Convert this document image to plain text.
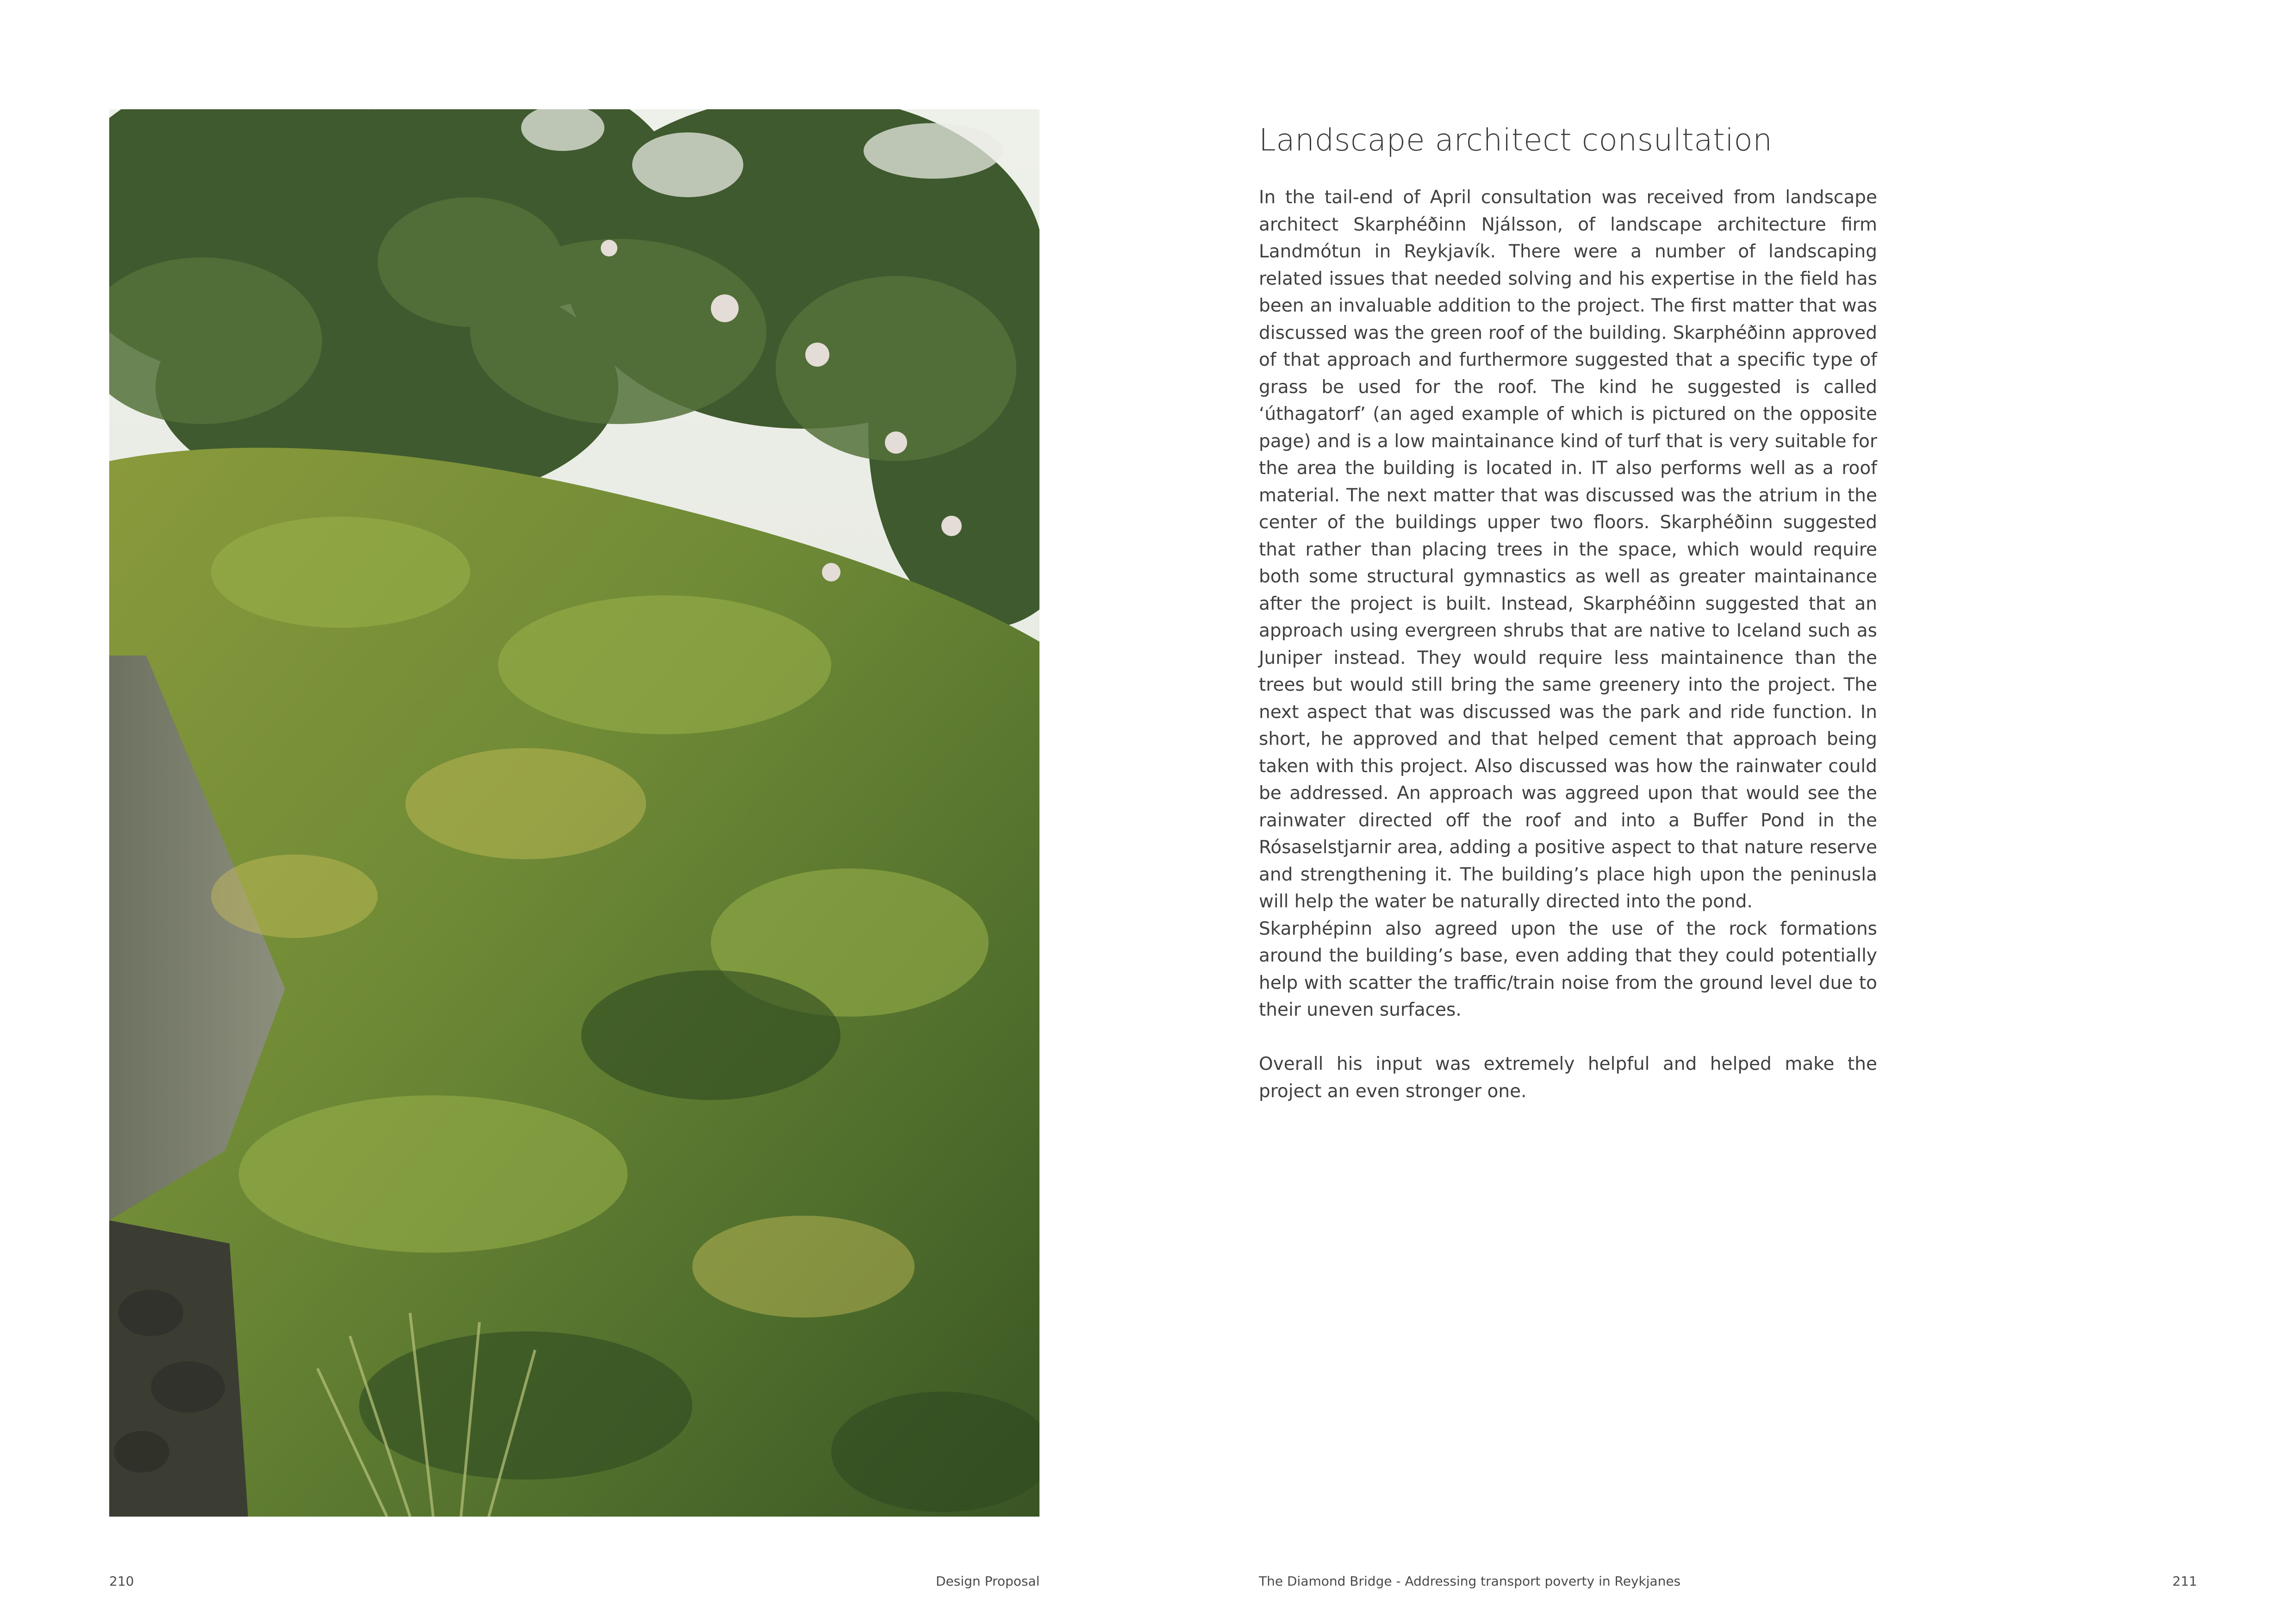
Landscape architect consultation

In the tail-end of April consultation was received from landscape architect Skarphéðinn Njálsson, of landscape architecture firm Landmótun in Reykjavík. There were a number of landscaping related issues that needed solving and his expertise in the field has been an invaluable addition to the project. The first matter that was discussed was the green roof of the building. Skarphéðinn approved of that approach and furthermore suggested that a specific type of grass be used for the roof. The kind he suggested is called ‘úthagatorf’ (an aged example of which is pictured on the opposite page) and is a low maintainance kind of turf that is very suitable for the area the building is located in. IT also performs well as a roof material. The next matter that was discussed was the atrium in the center of the buildings upper two floors. Skarphéðinn suggested that rather than placing trees in the space, which would require both some structural gymnastics as well as greater maintainance after the project is built. Instead, Skarphéðinn suggested that an approach using evergreen shrubs that are native to Iceland such as Juniper instead. They would require less maintainence than the trees but would still bring the same greenery into the project. The next aspect that was discussed was the park and ride function. In short, he approved and that helped cement that approach being taken with this project. Also discussed was how the rainwater could be addressed. An approach was aggreed upon that would see the rainwater directed off the roof and into a Buffer Pond in the Rósaselstjarnir area, adding a positive aspect to that nature reserve and strengthening it. The building’s place high upon the peninusla will help the water be naturally directed into the pond.

Skarphépinn also agreed upon the use of the rock formations around the building’s base, even adding that they could potentially help with scatter the traffic/train noise from the ground level due to their uneven surfaces.

Overall his input was extremely helpful and helped make the project an even stronger one.

210	Design Proposal	The Diamond Bridge - Addressing transport poverty in Reykjanes	211
